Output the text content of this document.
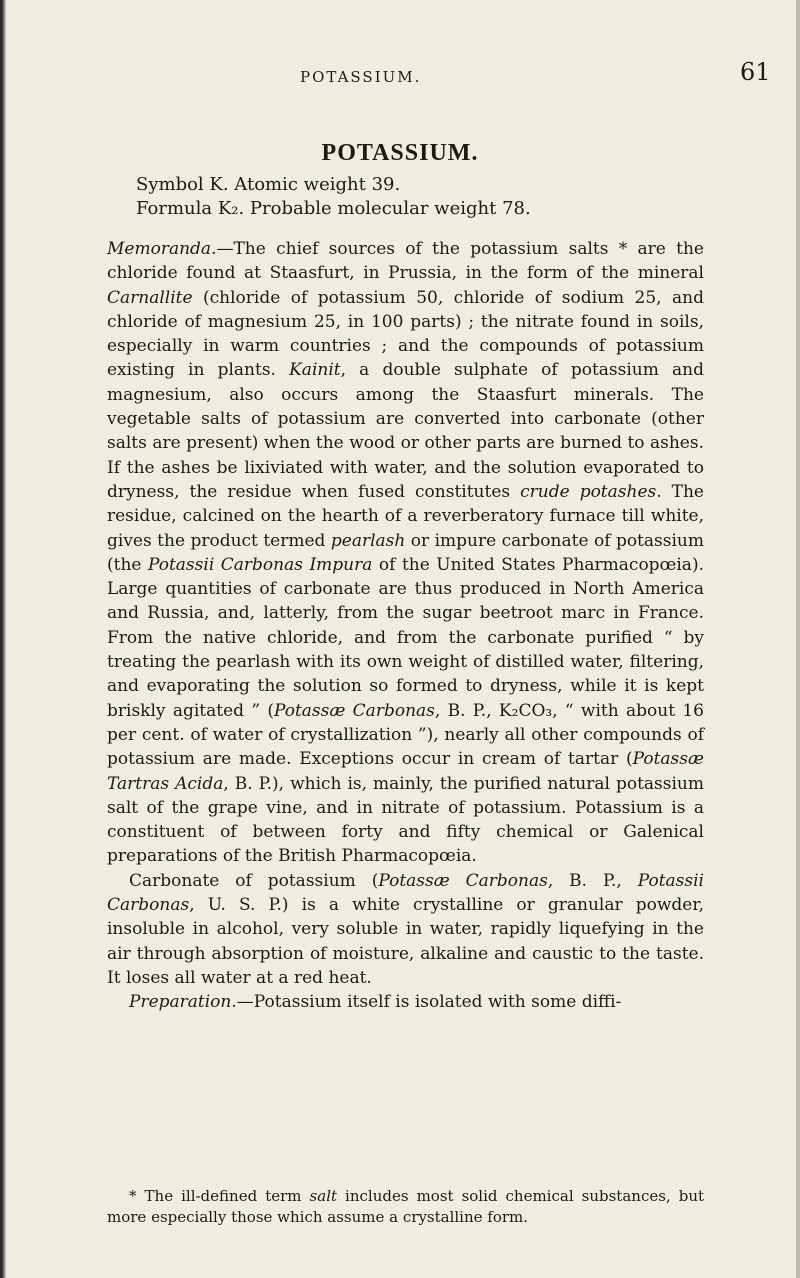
POTASSIUM.	61
POTASSIUM.
Symbol K. Atomic weight 39.
Formula K₂. Probable molecular weight 78.

Memoranda.—The chief sources of the potassium salts * are the chloride found at Staasfurt, in Prussia, in the form of the mineral Carnallite (chloride of potassium 50, chloride of sodium 25, and chloride of magnesium 25, in 100 parts) ; the nitrate found in soils, especially in warm countries ; and the compounds of potassium existing in plants. Kainit, a double sulphate of potassium and magnesium, also occurs among the Staasfurt minerals. The vegetable salts of potassium are converted into carbonate (other salts are present) when the wood or other parts are burned to ashes. If the ashes be lixiviated with water, and the solution evaporated to dryness, the residue when fused constitutes crude potashes. The residue, calcined on the hearth of a reverberatory furnace till white, gives the product termed pearlash or impure carbonate of potassium (the Potassii Carbonas Impura of the United States Pharmacopœia). Large quantities of carbonate are thus produced in North America and Russia, and, latterly, from the sugar beetroot marc in France. From the native chloride, and from the carbonate purified “ by treating the pearlash with its own weight of distilled water, filtering, and evaporating the solution so formed to dryness, while it is kept briskly agitated ” (Potassæ Carbonas, B. P., K₂CO₃, “ with about 16 per cent. of water of crystallization ”), nearly all other compounds of potassium are made. Exceptions occur in cream of tartar (Potassæ Tartras Acida, B. P.), which is, mainly, the purified natural potassium salt of the grape vine, and in nitrate of potassium. Potassium is a constituent of between forty and fifty chemical or Galenical preparations of the British Pharmacopœia.

Carbonate of potassium (Potassæ Carbonas, B. P., Potassii Carbonas, U. S. P.) is a white crystalline or granular powder, insoluble in alcohol, very soluble in water, rapidly liquefying in the air through absorption of moisture, alkaline and caustic to the taste. It loses all water at a red heat.

Preparation.—Potassium itself is isolated with some diffi-

* The ill-defined term salt includes most solid chemical substances, but more especially those which assume a crystalline form.
